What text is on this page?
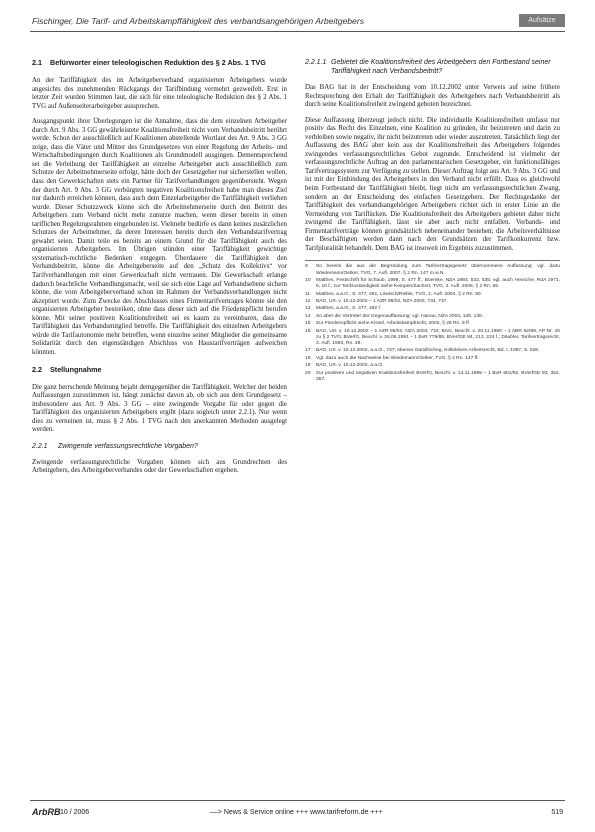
Fischinger, Die Tarif- und Arbeitskampffähigkeit des verbandsangehörigen Arbeitgebers	Aufsätze
2.1	Befürworter einer teleologischen Reduktion des § 2 Abs. 1 TVG

An der Tariffähigkeit des im Arbeitgeberverband organisierten Arbeitgebers wurde angesichts des zunehmenden Rückgangs der Tarifbindung vermehrt gezweifelt. Erst in letzter Zeit wurden Stimmen laut, die sich für eine teleologische Reduktion des § 2 Abs. 1 TVG auf Außenseiterarbeitgeber aussprechen.

Ausgangspunkt ihrer Überlegungen ist die Annahme, dass die dem einzelnen Arbeitgeber durch Art. 9 Abs. 3 GG gewährleistete Koalitionsfreiheit nicht vom Verbandsbeitritt berührt werde. Schon der ausschließlich auf Koalitionen abstellende Wortlaut des Art. 9 Abs. 3 GG zeige, dass die Väter und Mütter des Grundgesetzes von einer Regelung der Arbeits- und Wirtschaftsbedingungen durch Koalitionen als Grundmodell ausgingen. Dementsprechend sei die Verleihung der Tariffähigkeit an einzelne Arbeitgeber auch ausschließlich zum Schutze der Arbeitnehmerseite erfolgt, hätte doch der Gesetzgeber nur sicherstellen wollen, dass den Gewerkschaften stets ein Partner für Tarifverhandlungen gegenübersteht. Wegen der durch Art. 9 Abs. 3 GG verbürgten negativen Koalitionsfreiheit habe man dieses Ziel nur dadurch erreichen können, dass auch dem Einzelarbeitgeber die Tariffähigkeit verliehen wurde. Dieser Schutzzweck könne sich die Arbeitnehmerseite durch den Beitritt des Arbeitgebers zum Verband nicht mehr zunutze machen, wenn dieser bereits in einen tariflichen Regelungsrahmen eingebunden ist. Vielmehr bedürfe es dann keines zusätzlichen Schutzes der Arbeitnehmer, da deren Interessen bereits durch den Verbandstarifvertrag gewahrt seien. Damit teile es bereits an einem Grund für die Tariffähigkeit auch des organisierten Arbeitgebers. Im Übrigen stünden einer Tariffähigkeit gewichtige systematisch-rechtliche Bedenken entgegen. Überdauere die Tariffähigkeit den Verbandsbeitritt, könne die Arbeitgeberseite auf den „Schutz des Kollektivs“ vor Tarifverhandlungen mit einer Gewerkschaft nicht vertrauen. Die Gewerkschaft erlange dadurch beachtliche Verhandlungsmacht, weil sie sich eine Lage auf Verbandsebene sichern könne, die vom Arbeitgeberverband schon im Rahmen der Verbandsverhandlungen nicht akzeptiert wurde. Zum Zwecke des Abschlusses eines Firmentarifvertrages könnte sie den organisierten Arbeitgeber bestreiken, ohne dass dieser sich auf die Friedenspflicht berufen könne. Mit seiner positiven Koalitionsfreiheit sei es kaum zu vereinbaren, dass die Tariffähigkeit das Verbandsmitglied betreffe. Die Tariffähigkeit des einzelnen Arbeitgebers würde die Tarifautonomie mehr betreffen, wenn einzelne seiner Mitglieder die gemeinsame Solidarität durch den eigenständigen Abschluss von Haustarifverträgen aufweichen könnten.

2.2	Stellungnahme

Die ganz herrschende Meinung bejaht demgegenüber die Tariffähigkeit. Welcher der beiden Auffassungen zuzustimmen ist, hängt zunächst davon ab, ob sich aus dem Grundgesetz – insbesondere aus Art. 9 Abs. 3 GG – eine zwingende Vorgabe für oder gegen die Tariffähigkeit des organisierten Arbeitgebers ergibt (dazu sogleich unter 2.2.1). Nur wenn dies zu verneinen ist, muss § 2 Abs. 1 TVG nach den anerkannten Methoden ausgelegt werden.

2.2.1	Zwingende verfassungsrechtliche Vorgaben?

Zwingende verfassungsrechtliche Vorgaben können sich aus Grundrechten des Arbeitgebers, des Arbeitgeberverbandes oder der Gewerkschaften ergeben.

2.2.1.1 Gebietet die Koalitionsfreiheit des Arbeitgebers den Fortbestand seiner Tariffähigkeit nach Verbandsbeitritt?

Das BAG hat in der Entscheidung vom 10.12.2002 unter Verweis auf seine frühere Rechtsprechung den Erhalt der Tariffähigkeit des Arbeitgebers nach Verbandsbeitritt als durch seine Koalitionsfreiheit zwingend geboten bezeichnet.

Diese Auffassung überzeugt jedoch nicht. Die individuelle Koalitionsfreiheit umfasst nur positiv das Recht des Einzelnen, eine Koalition zu gründen, ihr beizutreten und darin zu verbleiben sowie negativ, ihr nicht beizutreten oder wieder auszutreten. Tatsächlich liegt der Auffassung des BAG aber kein aus der Koalitionsfreiheit des Arbeitgebers folgendes zwingendes verfassungsrechtliches Gebot zugrunde. Entscheidend ist vielmehr der verfassungsrechtliche Auftrag an den parlamentarischen Gesetzgeber, ein funktionsfähiges Tarifvertragssystem zur Verfügung zu stellen. Dieser Auftrag folgt aus Art. 9 Abs. 3 GG und ist mit der Einbindung des Arbeitgebers in den Verband nicht erfüllt. Dass es gleichwohl beim Fortbestand der Tariffähigkeit bleibt, liegt nicht am verfassungsrechtlichen Zwang, sondern an der Entscheidung des einfachen Gesetzgebers. Der Rechtsgedanke der Tariffähigkeit des verbandsangehörigen Arbeitgebers richtet sich in erster Linie an die Vermeidung von Tariflücken. Die Koalitionsfreiheit des Arbeitgebers gebietet daher nicht zwingend die Tariffähigkeit, lässt sie aber auch nicht entfallen. Verbands- und Firmentarifverträge können grundsätzlich nebeneinander bestehen; die Arbeitsverhältnisse der Beschäftigten werden dann nach den Grundsätzen der Tarifkonkurrenz bzw. Tarifpluralität behandelt. Dem BAG ist insoweit im Ergebnis zuzustimmen.

9	So bereits die aus der Begründung zum Tarifvertragsgesetz übernommene Auffassung; vgl. dazu Wiedemann/Oetker, TVG, 7. Aufl. 2007, § 2 Rn. 147 m.w.N.
10	Matthes, Festschrift für Schaub, 1998, S. 477 ff.; Boemke, NZA 1993, 532, 535; vgl. auch Hensche, RdA 1971, 9, 10 f.; zur Tarifzuständigkeit siehe Kempen/Zachert, TVG, 4. Aufl. 2006, § 2 Rn. 65.
11	Matthes, a.a.O., S. 477, 481; Löwisch/Rieble, TVG, 2. Aufl. 2004, § 2 Rn. 50.
12	BAG, Urt. v. 10.12.2002 – 1 AZR 96/02, NZA 2003, 734, 737.
13	Matthes, a.a.O., S. 477, 482 f.
14	So aber die Vertreter der Gegenauffassung; vgl. Hanau, NZA 2003, 128, 130.
15	Zur Friedenspflicht siehe Kissel, Arbeitskampfrecht, 2002, § 26 Rn. 5 ff.
16	BAG, Urt. v. 10.12.2002 – 1 AZR 96/02, NZA 2003, 734; BAG, Beschl. v. 20.11.1990 – 1 ABR 62/89, AP Nr. 40 zu § 2 TVG; BVerfG, Beschl. v. 26.06.1991 – 1 BvR 779/85, BVerfGE 84, 212, 224 f.; Däubler, Tarifvertragsrecht, 3. Aufl. 1993, Rn. 49.
17	BAG, Urt. v. 10.12.2002, a.a.O., 737; ebenso Gamillscheg, Kollektives Arbeitsrecht, Bd. I, 1997, S. 528.
18	Vgl. dazu auch die Nachweise bei Wiedemann/Oetker, TVG, § 2 Rn. 147 ff.
19	BAG, Urt. v. 10.12.2002, a.a.O.
20	Zur positiven und negativen Koalitionsfreiheit BVerfG, Beschl. v. 14.11.1995 – 1 BvR 601/92, BVerfGE 93, 352, 357.
ArbRB 10 / 2006	––> News & Service online +++ www.tarifreform.de +++	519
